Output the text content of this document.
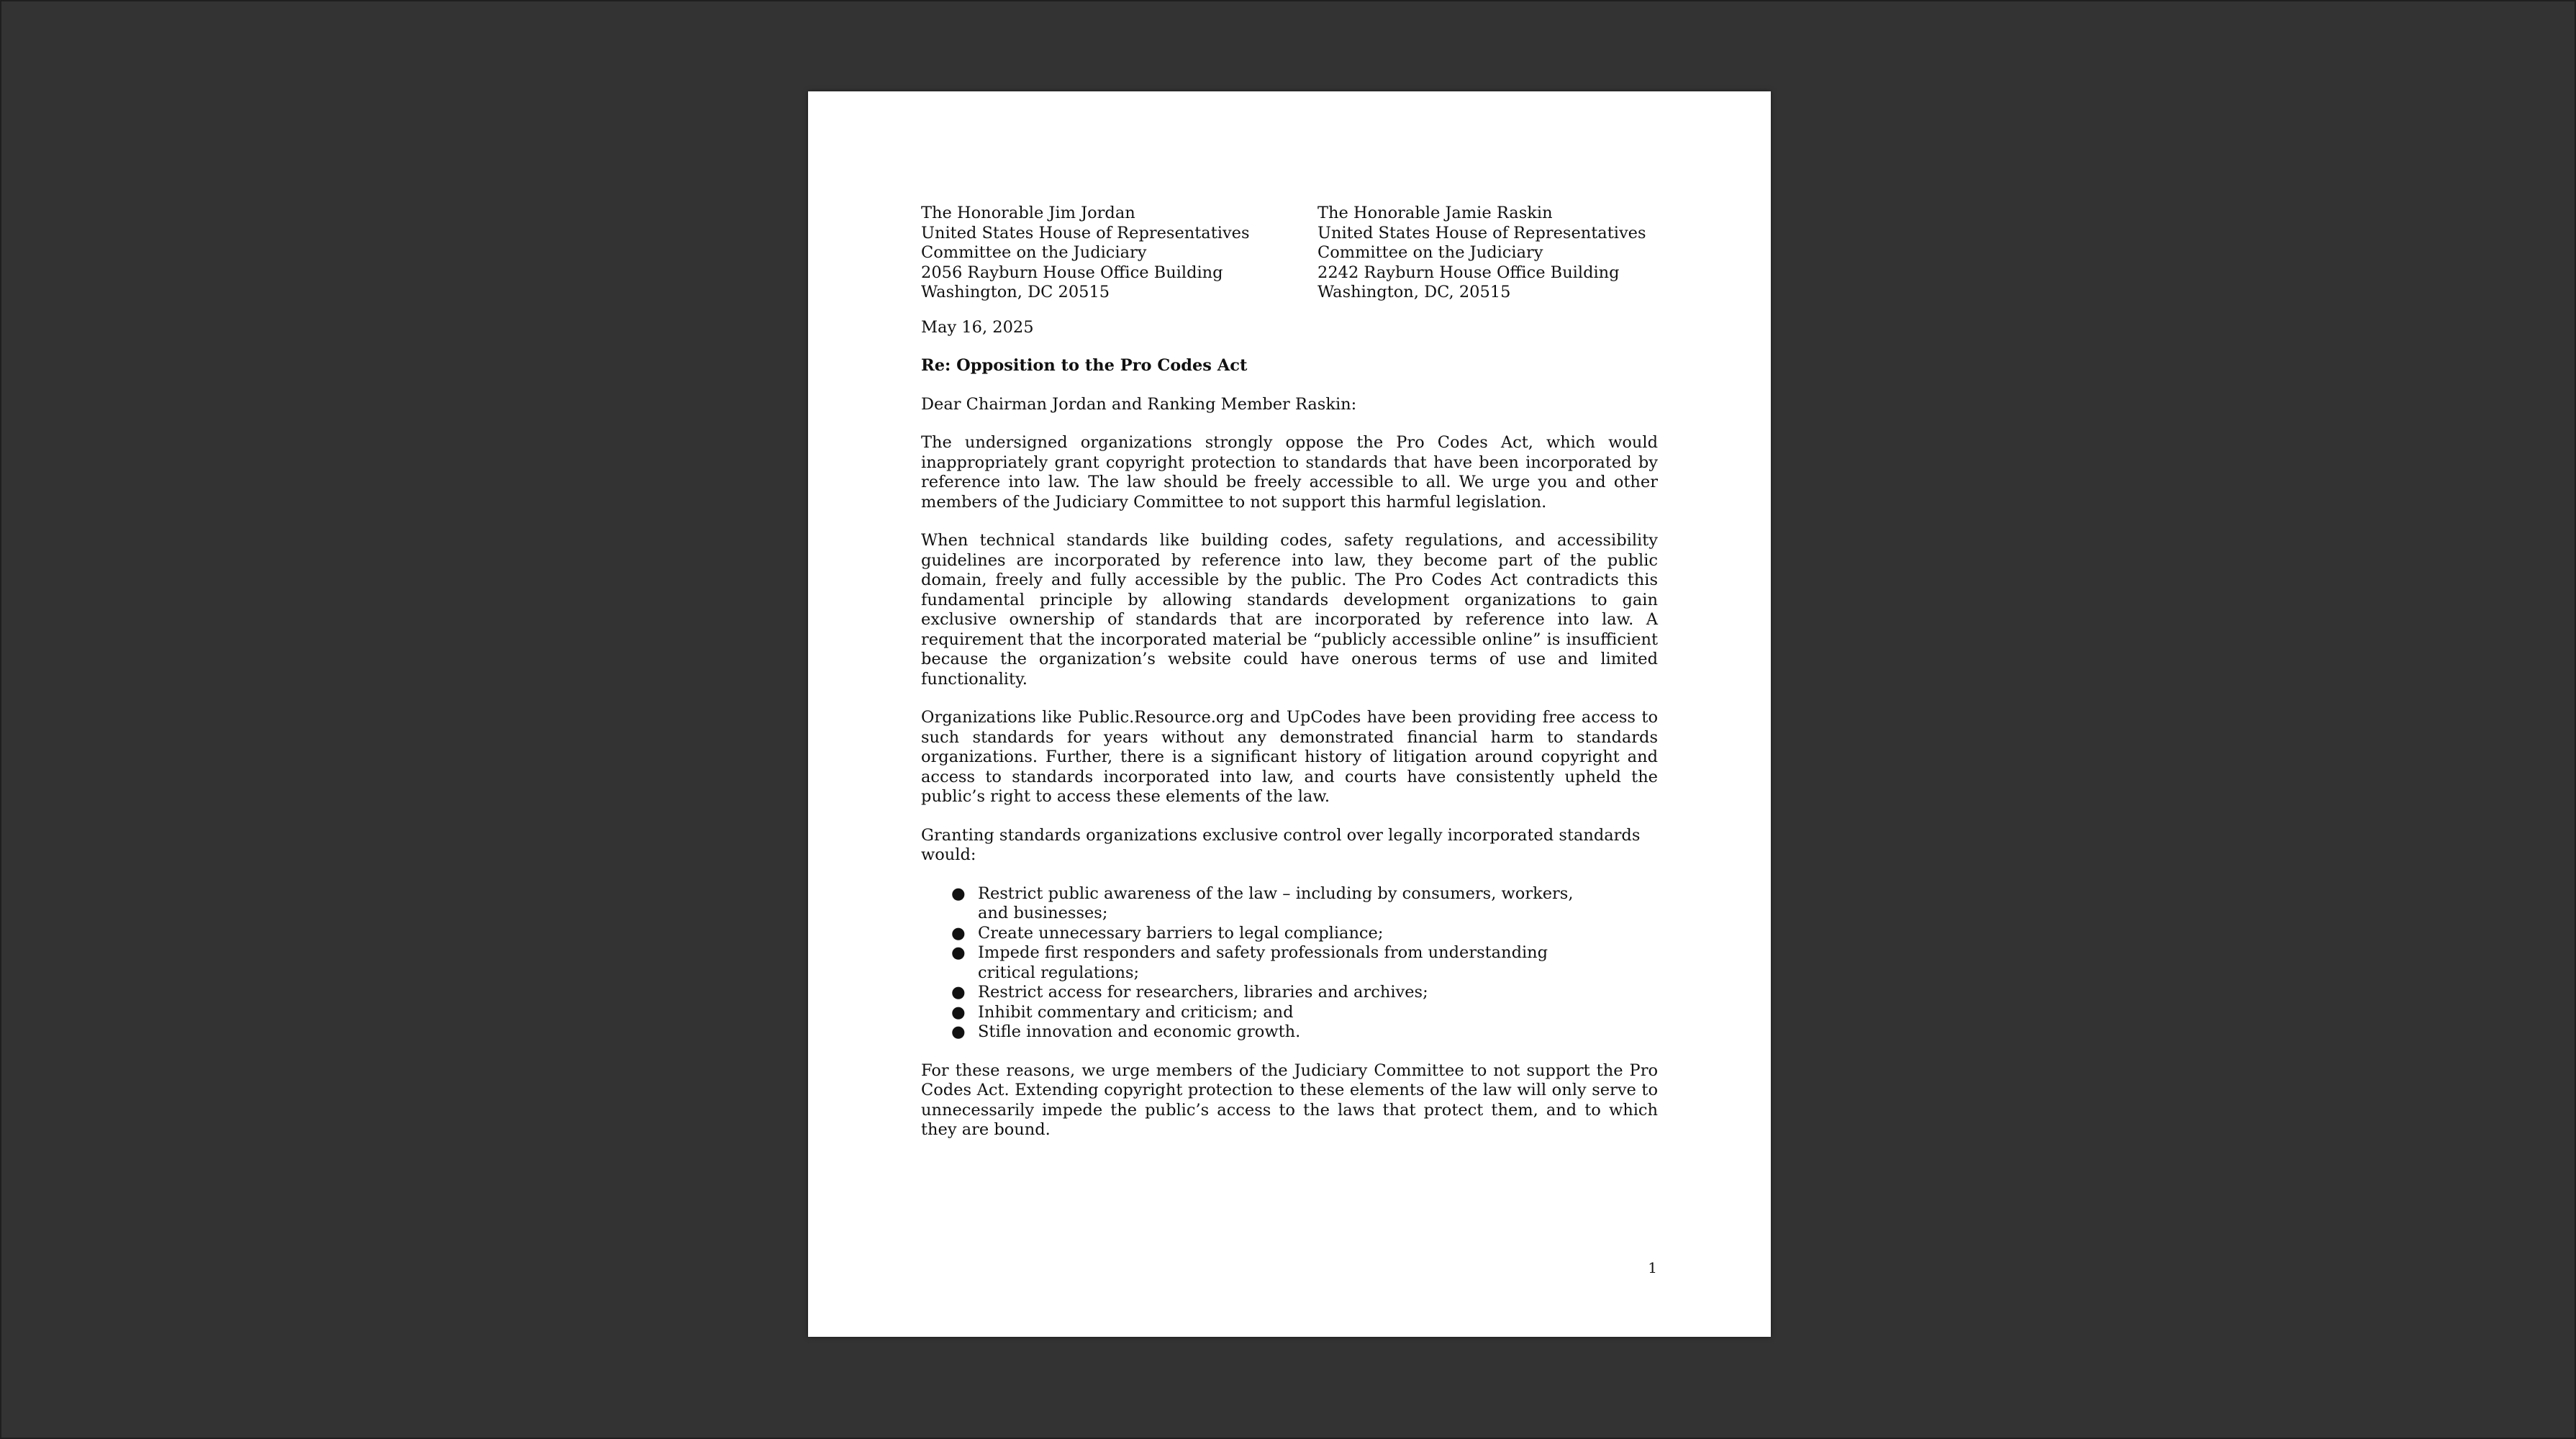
The Honorable Jim Jordan
United States House of Representatives
Committee on the Judiciary
2056 Rayburn House Office Building
Washington, DC 20515
The Honorable Jamie Raskin
United States House of Representatives
Committee on the Judiciary
2242 Rayburn House Office Building
Washington, DC, 20515
May 16, 2025
Re: Opposition to the Pro Codes Act
Dear Chairman Jordan and Ranking Member Raskin:

The undersigned organizations strongly oppose the Pro Codes Act, which would inappropriately grant copyright protection to standards that have been incorporated by reference into law. The law should be freely accessible to all. We urge you and other members of the Judiciary Committee to not support this harmful legislation.

When technical standards like building codes, safety regulations, and accessibility guidelines are incorporated by reference into law, they become part of the public domain, freely and fully accessible by the public. The Pro Codes Act contradicts this fundamental principle by allowing standards development organizations to gain exclusive ownership of standards that are incorporated by reference into law. A requirement that the incorporated material be “publicly accessible online” is insufficient because the organization’s website could have onerous terms of use and limited functionality.

Organizations like Public.Resource.org and UpCodes have been providing free access to such standards for years without any demonstrated financial harm to standards organizations. Further, there is a significant history of litigation around copyright and access to standards incorporated into law, and courts have consistently upheld the public’s right to access these elements of the law.

Granting standards organizations exclusive control over legally incorporated standards would:
● Restrict public awareness of the law – including by consumers, workers, and businesses;
● Create unnecessary barriers to legal compliance;
● Impede first responders and safety professionals from understanding critical regulations;
● Restrict access for researchers, libraries and archives;
● Inhibit commentary and criticism; and
● Stifle innovation and economic growth.

For these reasons, we urge members of the Judiciary Committee to not support the Pro Codes Act. Extending copyright protection to these elements of the law will only serve to unnecessarily impede the public’s access to the laws that protect them, and to which they are bound.

1
